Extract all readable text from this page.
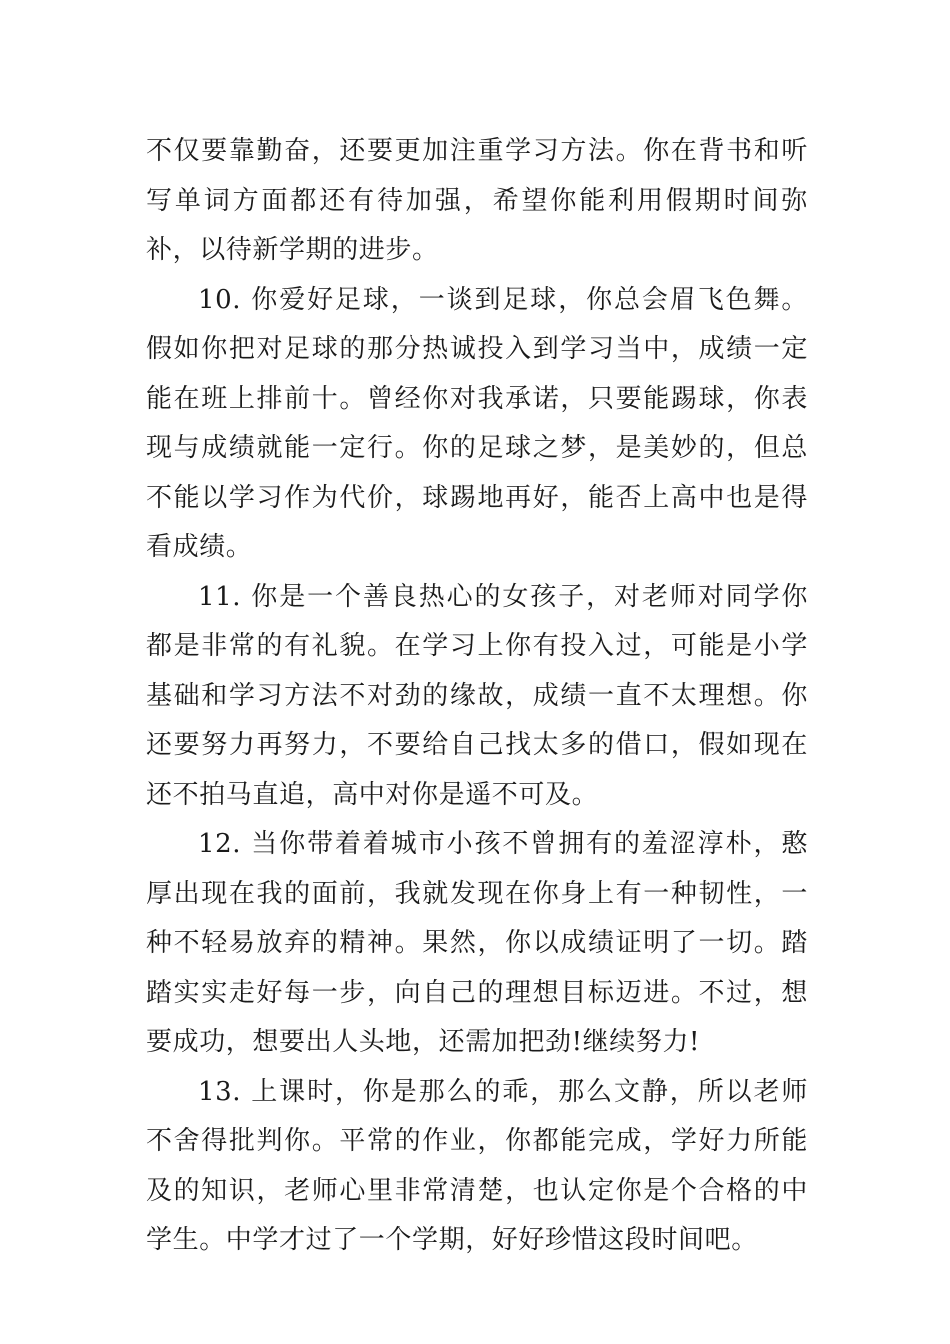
不仅要靠勤奋，还要更加注重学习方法。你在背书和听写单词方面都还有待加强，希望你能利用假期时间弥补，以待新学期的进步。

10. 你爱好足球，一谈到足球，你总会眉飞色舞。假如你把对足球的那分热诚投入到学习当中，成绩一定能在班上排前十。曾经你对我承诺，只要能踢球，你表现与成绩就能一定行。你的足球之梦，是美妙的，但总不能以学习作为代价，球踢地再好，能否上高中也是得看成绩。

11. 你是一个善良热心的女孩子，对老师对同学你都是非常的有礼貌。在学习上你有投入过，可能是小学基础和学习方法不对劲的缘故，成绩一直不太理想。你还要努力再努力，不要给自己找太多的借口，假如现在还不拍马直追，高中对你是遥不可及。

12. 当你带着着城市小孩不曾拥有的羞涩淳朴，憨厚出现在我的面前，我就发现在你身上有一种韧性，一种不轻易放弃的精神。果然，你以成绩证明了一切。踏踏实实走好每一步，向自己的理想目标迈进。不过，想要成功，想要出人头地，还需加把劲!继续努力!

13. 上课时，你是那么的乖，那么文静，所以老师不舍得批判你。平常的作业，你都能完成，学好力所能及的知识，老师心里非常清楚，也认定你是个合格的中学生。中学才过了一个学期，好好珍惜这段时间吧。
